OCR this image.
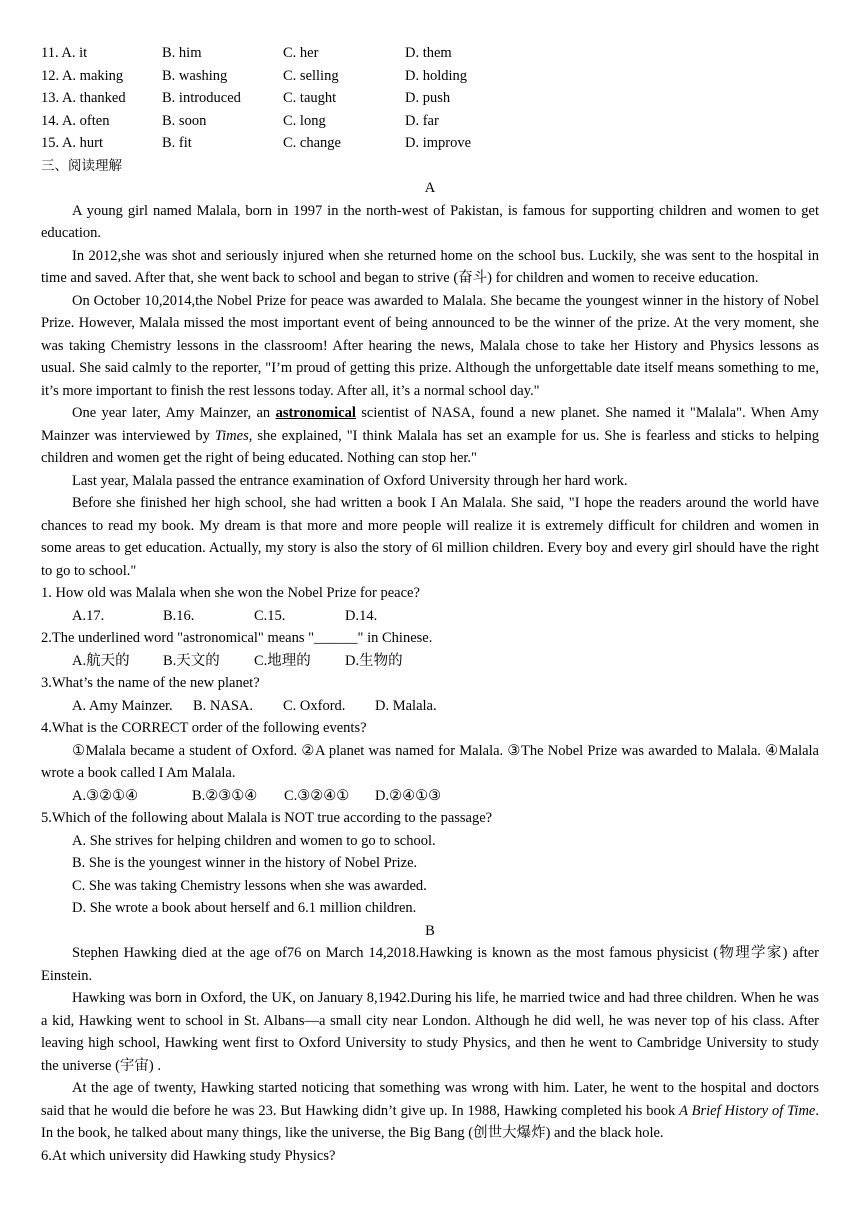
11. A. it	B. him	C. her	D. them
12. A. making	B. washing	C. selling	D. holding
13. A. thanked	B. introduced	C. taught	D. push
14. A. often	B. soon	C. long	D. far
15. A. hurt	B. fit	C. change	D. improve

三、阅读理解

A

A young girl named Malala, born in 1997 in the north-west of Pakistan, is famous for supporting children and women to get education.

In 2012,she was shot and seriously injured when she returned home on the school bus. Luckily, she was sent to the hospital in time and saved. After that, she went back to school and began to strive (奋斗) for children and women to receive education.

On October 10,2014,the Nobel Prize for peace was awarded to Malala. She became the youngest winner in the history of Nobel Prize. However, Malala missed the most important event of being announced to be the winner of the prize. At the very moment, she was taking Chemistry lessons in the classroom! After hearing the news, Malala chose to take her History and Physics lessons as usual. She said calmly to the reporter, "I’m proud of getting this prize. Although the unforgettable date itself means something to me, it’s more important to finish the rest lessons today. After all, it’s a normal school day."

One year later, Amy Mainzer, an astronomical scientist of NASA, found a new planet. She named it "Malala". When Amy Mainzer was interviewed by Times, she explained, "I think Malala has set an example for us. She is fearless and sticks to helping children and women get the right of being educated. Nothing can stop her."

Last year, Malala passed the entrance examination of Oxford University through her hard work.

Before she finished her high school, she had written a book I An Malala. She said, "I hope the readers around the world have chances to read my book. My dream is that more and more people will realize it is extremely difficult for children and women in some areas to get education. Actually, my story is also the story of 6l million children. Every boy and every girl should have the right to go to school."

1. How old was Malala when she won the Nobel Prize for peace?

A.17.	B.16.	C.15.	D.14.

2.The underlined word "astronomical" means "______" in Chinese.

A.航天的 B.天文的 C.地理的 D.生物的

3.What’s the name of the new planet?

A. Amy Mainzer. B. NASA. C. Oxford. D. Malala.

4.What is the CORRECT order of the following events?

①Malala became a student of Oxford. ②A planet was named for Malala. ③The Nobel Prize was awarded to Malala. ④Malala wrote a book called I Am Malala.

A.③②①④	B.②③①④ C.③②④① D.②④①③

5.Which of the following about Malala is NOT true according to the passage?

A. She strives for helping children and women to go to school.

B. She is the youngest winner in the history of Nobel Prize.

C. She was taking Chemistry lessons when she was awarded.

D. She wrote a book about herself and 6.1 million children.

B

Stephen Hawking died at the age of76 on March 14,2018.Hawking is known as the most famous physicist (物理学家) after Einstein.

Hawking was born in Oxford, the UK, on January 8,1942.During his life, he married twice and had three children. When he was a kid, Hawking went to school in St. Albans—a small city near London. Although he did well, he was never top of his class. After leaving high school, Hawking went first to Oxford University to study Physics, and then he went to Cambridge University to study the universe (宇宙) .

At the age of twenty, Hawking started noticing that something was wrong with him. Later, he went to the hospital and doctors said that he would die before he was 23. But Hawking didn’t give up. In 1988, Hawking completed his book A Brief History of Time. In the book, he talked about many things, like the universe, the Big Bang (创世大爆炸) and the black hole.

6.At which university did Hawking study Physics?
